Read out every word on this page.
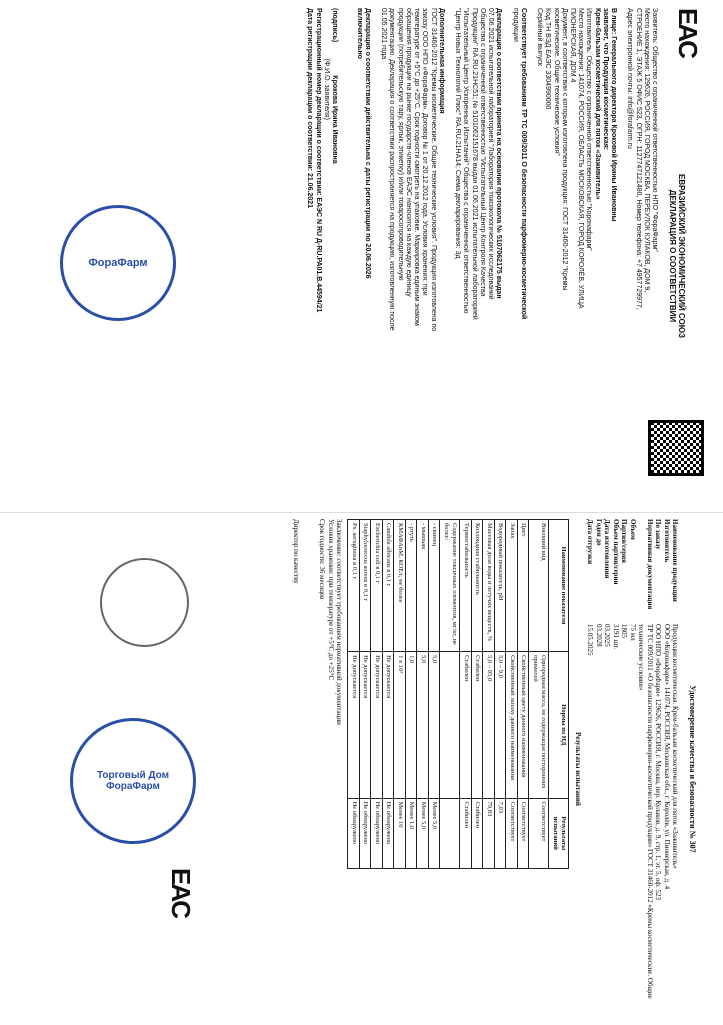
EAC
ЕВРАЗИЙСКИЙ ЭКОНОМИЧЕСКИЙ СОЮЗ
ДЕКЛАРАЦИЯ О СООТВЕТСТВИИ
Заявитель: Общество с ограниченной ответственностью НПО "ФораФарм"
Место нахождения: 129626, РОССИЯ, ГОРОД МОСКВА, ПЕРЕУЛОК КУЛАКОВ, ДОМ 9,
СТРОЕНИЕ 1, ЭТАЖ 5 ОФИС 523, ОГРН: 1127747121480, Номер телефона: +7 4957729977,
Адрес электронной почты: info@forafarm.ru

В лице: Генерального директора Кроковой Ирины Ивановны
заявляет, что Продукция косметическая:
Крем-бальзам косметический для пяток «Заживитель»
Изготовитель: Общество с ограниченной ответственностью "Коронафарм"
Место нахождения: 141074, РОССИЯ, ОБЛАСТЬ МОСКОВСКАЯ, ГОРОД КОРОЛЁВ, УЛИЦА
ПИОНЕРСКАЯ, ДОМ 4
Документ, в соответствии с которым изготовлена продукция: ГОСТ 31460-2012 "Кремы
косметические. Общие технические условия"
Код ТН ВЭД ЕАЭС 3304990000
Серийный выпуск

Соответствует требованиям ТР ТС 009/2011 О безопасности парфюмерно-косметической
продукции

Декларация о соответствии принята на основании протокола № 5107062175 выдан
07.06.2021 испытательной лабораторией "Лаборатория токсикологических исследований
Общества с ограниченной ответственностью "Испытательный Центр Контроля Качества
Продукции" RA.RU.21HC51; № 5101062151678 выдан 01.06.2021 испытательной лабораторией
"Испытательный Центр Ускоренных Испытаний" Общества с ограниченной ответственностью
"Центр Новых Технологий Плюс" RA.RU.21HA14; Схема декларирования: 3д

Дополнительная информация
ГОСТ 31460-2012 "Кремы косметические. Общие технические условия". Продукция изготовлена по
заказу ООО НПО «ФораФарм». Договор № 1 от 20.12.2012 года. Условия хранения: при
температуре от +5°С до +25°С. Срок годности смотреть на упаковке. Маркировка единым знаком
обращения продукции на рынке государств-членов ЕАЭС наносится на каждую единицу
продукции (потребительскую тару, ярлык, этикетку) и/или товаросопроводительную
документацию. Декларация о соответствии распространяется на продукцию, изготовленную после
01.05.2021 года

Декларация о соответствии действительна с даты регистрации по 20.06.2026
включительно

(подпись)                 Крокова Ирина Ивановна
(Ф.И.О. заявителя)
Регистрационный номер декларации о соответствии: ЕАЭС N RU Д-RU.РА01.В.44594/21
Дата регистрации декларации о соответствии: 21.06.2021
ФораФарм
Удостоверение качества и безопасности № 307
Наименование продукции
Продукция косметическая. Крем-бальзам косметический для пяток «Заживитель»
Изготовитель
ООО «Коронафарм» 141074, РОССИЯ, Московская обл., г. Королёв, ул. Пионерская, д. 4
По заказу
ООО НПО «ФораФарм» 129626, РОССИЯ, г. Москва, пер. Кулаков, д. 9, стр. 1, эт. 5, оф. 523
Нормативная документация
ТР ТС 009/2011 «О безопасности парфюмерно-косметической продукции» ГОСТ 31460-2012 «Кремы косметические. Общие технические условия»
Объем
75 мл
Партия/серия
1805
Объем партии/серии
3191 шт.
Дата изготовления
03.2025
Годен до
03.2028
Дата отгрузки
15.05.2025
Результаты испытаний
Наименование показателя	Нормы по НД	Результаты испытаний
Внешний вид	Однородная масса, не содержащая посторонних примесей	Соответствует
Цвет	Свойственный цвету данного наименования	Соответствует
Запах	Свойственный запаху данного наименования	Соответствует
Водородный показатель, pH	5,0 – 9,0	7,03
Массовая доля воды и летучих веществ, %	5,0 – 95,0	79,83
Коллоидная стабильность	Стабилен	Стабилен
Термостабильность	Стабилен	Стабилен
Содержание токсичных элементов, мг/кг, не более:		
- свинец	5,0	Менее 5,0
- мышьяк	5,0	Менее 5,0
- ртуть	1,0	Менее 1,0
КМАФАнМ, КОЕ/г, не более	1 x 10³	Менее 10
Candida albicans в 0,1 г	Не допускается	Не обнаружено
Escherichia coli в 0,1 г	Не допускается	Не обнаружено
Staphylococcus aureus в 0,1 г	Не допускается	Не обнаружено
Ps. aeruginosa в 0,1 г	Не допускается	Не обнаружено
Заключение: соответствует требованиям нормативной документации
Условия хранения: при температуре от +5°С до +25°С
Срок годности: 36 месяцев
Директор по качеству
EAC
Торговый Дом ФораФарм
